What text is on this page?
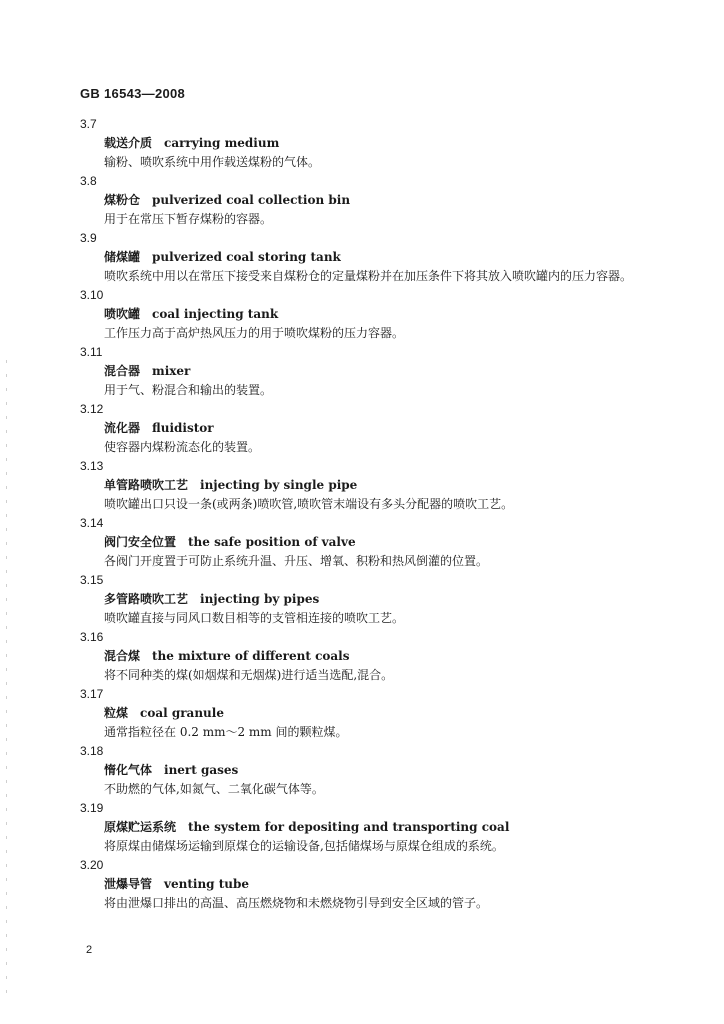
GB 16543—2008
3.7
载送介质 carrying medium
输粉、喷吹系统中用作载送煤粉的气体。
3.8
煤粉仓 pulverized coal collection bin
用于在常压下暂存煤粉的容器。
3.9
储煤罐 pulverized coal storing tank
喷吹系统中用以在常压下接受来自煤粉仓的定量煤粉并在加压条件下将其放入喷吹罐内的压力容器。
3.10
喷吹罐 coal injecting tank
工作压力高于高炉热风压力的用于喷吹煤粉的压力容器。
3.11
混合器 mixer
用于气、粉混合和输出的装置。
3.12
流化器 fluidistor
使容器内煤粉流态化的装置。
3.13
单管路喷吹工艺 injecting by single pipe
喷吹罐出口只设一条(或两条)喷吹管,喷吹管末端设有多头分配器的喷吹工艺。
3.14
阀门安全位置 the safe position of valve
各阀门开度置于可防止系统升温、升压、增氧、积粉和热风倒灌的位置。
3.15
多管路喷吹工艺 injecting by pipes
喷吹罐直接与同风口数目相等的支管相连接的喷吹工艺。
3.16
混合煤 the mixture of different coals
将不同种类的煤(如烟煤和无烟煤)进行适当选配,混合。
3.17
粒煤 coal granule
通常指粒径在 0.2 mm～2 mm 间的颗粒煤。
3.18
惰化气体 inert gases
不助燃的气体,如氮气、二氧化碳气体等。
3.19
原煤贮运系统 the system for depositing and transporting coal
将原煤由储煤场运输到原煤仓的运输设备,包括储煤场与原煤仓组成的系统。
3.20
泄爆导管 venting tube
将由泄爆口排出的高温、高压燃烧物和未燃烧物引导到安全区域的管子。
2
